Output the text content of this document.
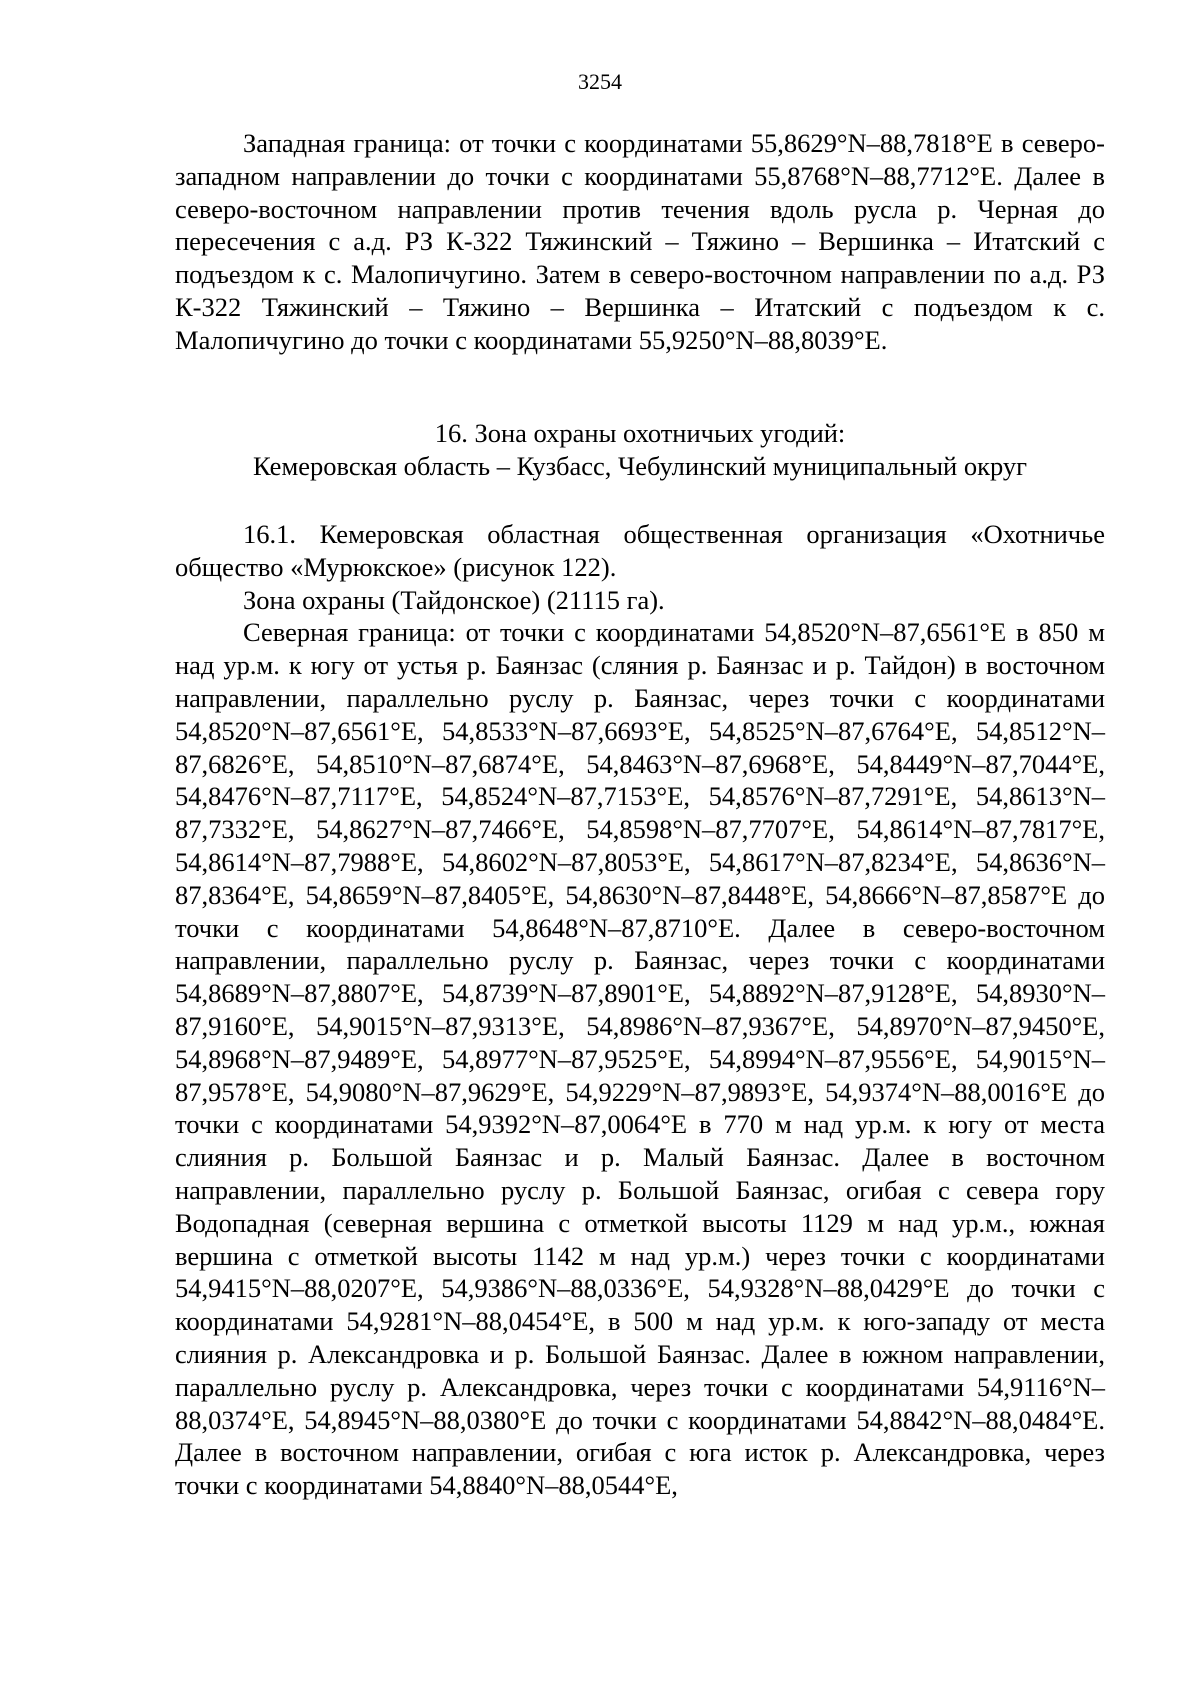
3254

Западная граница: от точки с координатами 55,8629°N–88,7818°E в северо-западном направлении до точки с координатами 55,8768°N–88,7712°E. Далее в северо-восточном направлении против течения вдоль русла р. Черная до пересечения с а.д. РЗ К-322 Тяжинский – Тяжино – Вершинка – Итатский с подъездом к с. Малопичугино. Затем в северо-восточном направлении по а.д. РЗ К-322 Тяжинский – Тяжино – Вершинка – Итатский с подъездом к с. Малопичугино до точки с координатами 55,9250°N–88,8039°E.

16. Зона охраны охотничьих угодий:
Кемеровская область – Кузбасс, Чебулинский муниципальный округ

16.1. Кемеровская областная общественная организация «Охотничье общество «Мурюкское» (рисунок 122).

Зона охраны (Тайдонское) (21115 га).

Северная граница: от точки с координатами 54,8520°N–87,6561°E в 850 м над ур.м. к югу от устья р. Баянзас (сляния р. Баянзас и р. Тайдон) в восточном направлении, параллельно руслу р. Баянзас, через точки с координатами 54,8520°N–87,6561°E, 54,8533°N–87,6693°E, 54,8525°N–87,6764°E, 54,8512°N–87,6826°E, 54,8510°N–87,6874°E, 54,8463°N–87,6968°E, 54,8449°N–87,7044°E, 54,8476°N–87,7117°E, 54,8524°N–87,7153°E, 54,8576°N–87,7291°E, 54,8613°N–87,7332°E, 54,8627°N–87,7466°E, 54,8598°N–87,7707°E, 54,8614°N–87,7817°E, 54,8614°N–87,7988°E, 54,8602°N–87,8053°E, 54,8617°N–87,8234°E, 54,8636°N–87,8364°E, 54,8659°N–87,8405°E, 54,8630°N–87,8448°E, 54,8666°N–87,8587°E до точки с координатами 54,8648°N–87,8710°E. Далее в северо-восточном направлении, параллельно руслу р. Баянзас, через точки с координатами 54,8689°N–87,8807°E, 54,8739°N–87,8901°E, 54,8892°N–87,9128°E, 54,8930°N–87,9160°E, 54,9015°N–87,9313°E, 54,8986°N–87,9367°E, 54,8970°N–87,9450°E, 54,8968°N–87,9489°E, 54,8977°N–87,9525°E, 54,8994°N–87,9556°E, 54,9015°N–87,9578°E, 54,9080°N–87,9629°E, 54,9229°N–87,9893°E, 54,9374°N–88,0016°E до точки с координатами 54,9392°N–87,0064°E в 770 м над ур.м. к югу от места слияния р. Большой Баянзас и р. Малый Баянзас. Далее в восточном направлении, параллельно руслу р. Большой Баянзас, огибая с севера гору Водопадная (северная вершина с отметкой высоты 1129 м над ур.м., южная вершина с отметкой высоты 1142 м над ур.м.) через точки с координатами 54,9415°N–88,0207°E, 54,9386°N–88,0336°E, 54,9328°N–88,0429°E до точки с координатами 54,9281°N–88,0454°E, в 500 м над ур.м. к юго-западу от места слияния р. Александровка и р. Большой Баянзас. Далее в южном направлении, параллельно руслу р. Александровка, через точки с координатами 54,9116°N–88,0374°E, 54,8945°N–88,0380°E до точки с координатами 54,8842°N–88,0484°E. Далее в восточном направлении, огибая с юга исток р. Александровка, через точки с координатами 54,8840°N–88,0544°E,
